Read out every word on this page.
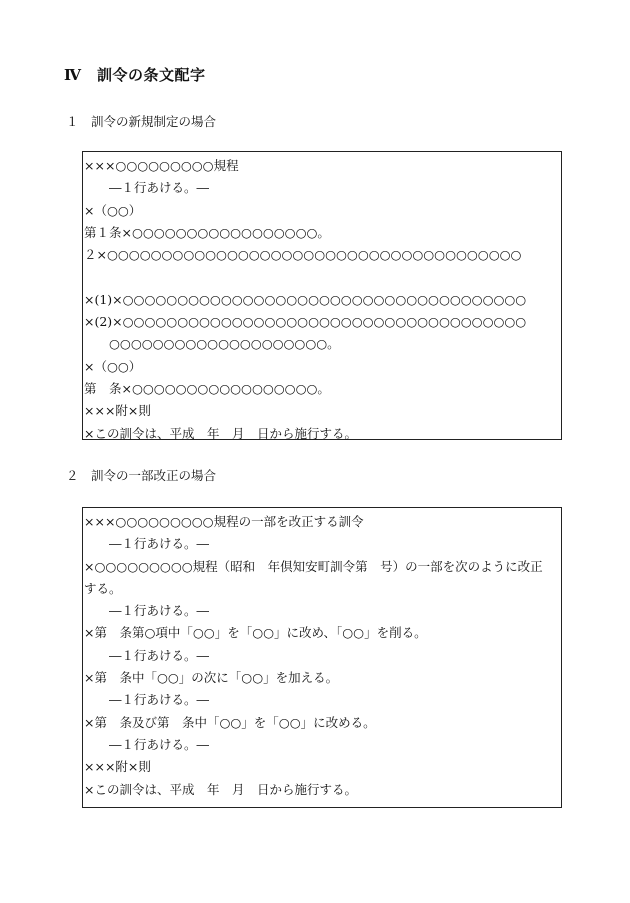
Ⅳ　訓令の条文配字
１　訓令の新規制定の場合
×××○○○○○○○○○規程
　　―１行あける。―
×（○○）
第１条×○○○○○○○○○○○○○○○○○。
２×○○○○○○○○○○○○○○○○○○○○○○○○○○○○○○○○○○○○○○
×(1)×○○○○○○○○○○○○○○○○○○○○○○○○○○○○○○○○○○○○○
×(2)×○○○○○○○○○○○○○○○○○○○○○○○○○○○○○○○○○○○○○
　　○○○○○○○○○○○○○○○○○○○○。
×（○○）
第　条×○○○○○○○○○○○○○○○○○。
×××附×則
×この訓令は、平成　年　月　日から施行する。
２　訓令の一部改正の場合
×××○○○○○○○○○規程の一部を改正する訓令
　　―１行あける。―
×○○○○○○○○○規程（昭和　年倶知安町訓令第　号）の一部を次のように改正
する。
　　―１行あける。―
×第　条第○項中「○○」を「○○」に改め、「○○」を削る。
　　―１行あける。―
×第　条中「○○」の次に「○○」を加える。
　　―１行あける。―
×第　条及び第　条中「○○」を「○○」に改める。
　　―１行あける。―
×××附×則
×この訓令は、平成　年　月　日から施行する。
